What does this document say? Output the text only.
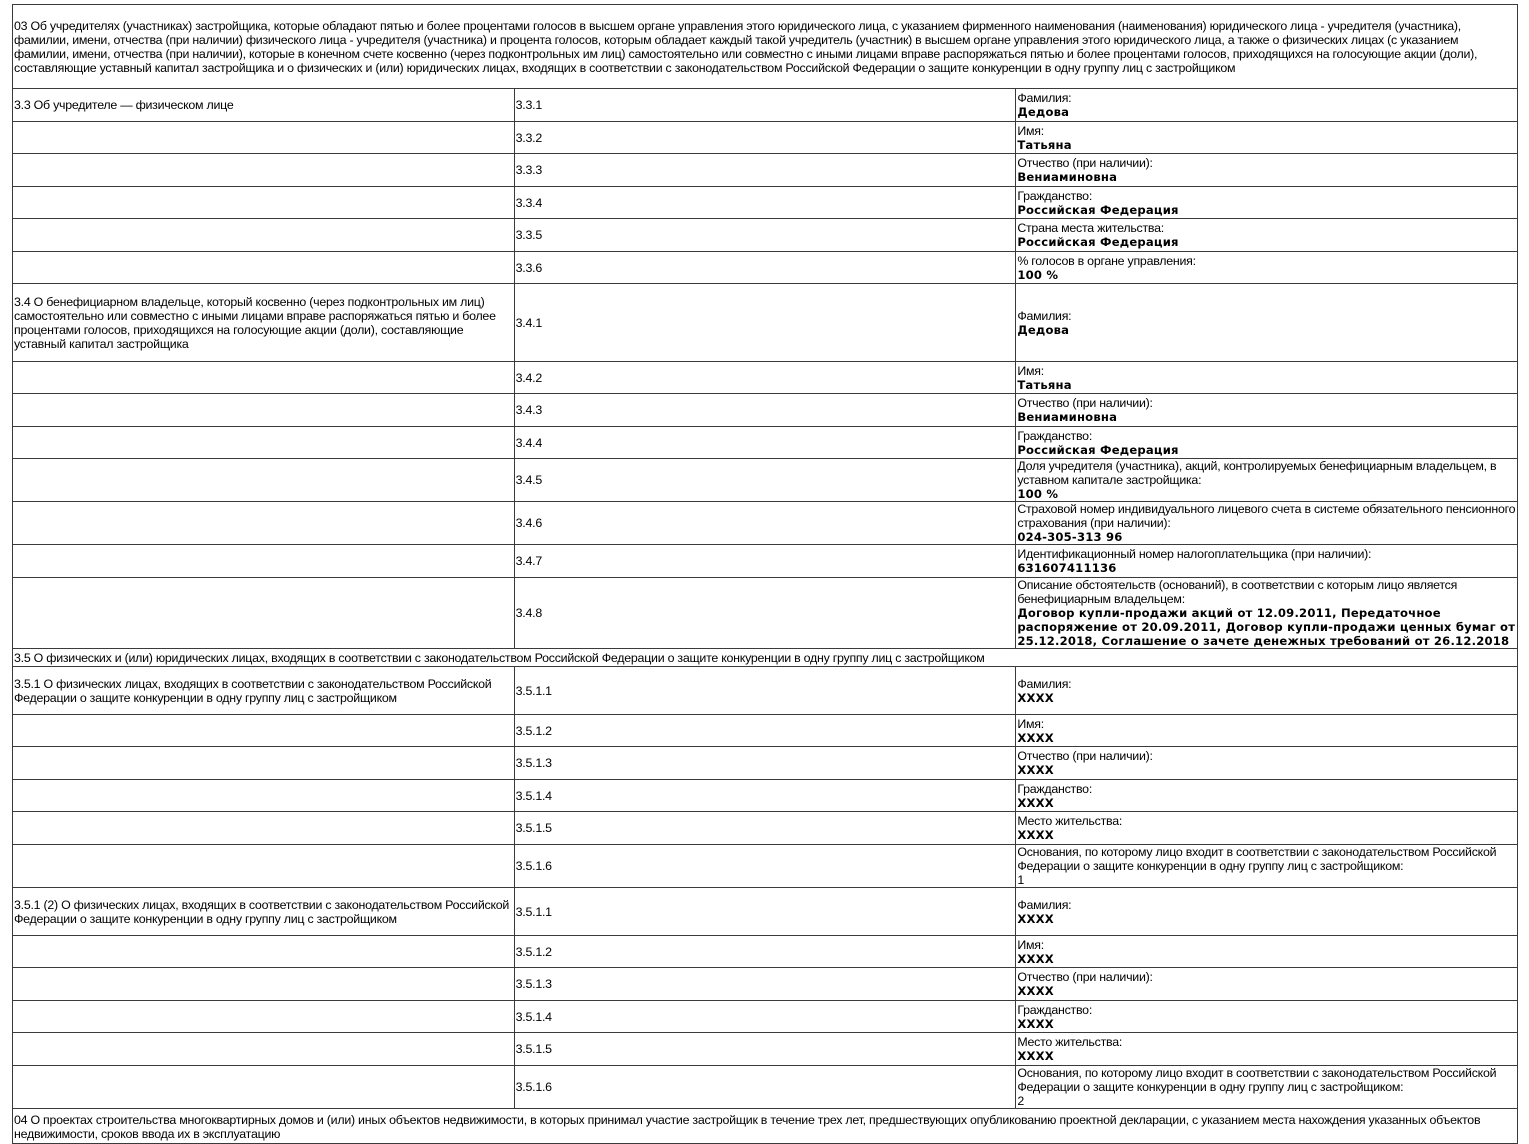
03 Об учредителях (участниках) застройщика, которые обладают пятью и более процентами голосов в высшем органе управления этого юридического лица, с указанием фирменного наименования (наименования) юридического лица - учредителя (участника), фамилии, имени, отчества (при наличии) физического лица - учредителя (участника) и процента голосов, которым обладает каждый такой учредитель (участник) в высшем органе управления этого юридического лица, а также о физических лицах (с указанием фамилии, имени, отчества (при наличии), которые в конечном счете косвенно (через подконтрольных им лиц) самостоятельно или совместно с иными лицами вправе распоряжаться пятью и более процентами голосов, приходящихся на голосующие акции (доли), составляющие уставный капитал застройщика и о физических и (или) юридических лицах, входящих в соответствии с законодательством Российской Федерации о защите конкуренции в одну группу лиц с застройщиком		
3.3 Об учредителе — физическом лице	3.3.1	Фамилия:
Дедова

	3.3.2	Имя:
Татьяна

	3.3.3	Отчество (при наличии):
Вениаминовна

	3.3.4	Гражданство:
Российская Федерация

	3.3.5	Страна места жительства:
Российская Федерация

	3.3.6	% голосов в органе управления:
100 %

3.4 О бенефициарном владельце, который косвенно (через подконтрольных им лиц) самостоятельно или совместно с иными лицами вправе распоряжаться пятью и более процентами голосов, приходящихся на голосующие акции (доли), составляющие уставный капитал застройщика	3.4.1	Фамилия:
Дедова

	3.4.2	Имя:
Татьяна

	3.4.3	Отчество (при наличии):
Вениаминовна

	3.4.4	Гражданство:
Российская Федерация

	3.4.5	Доля учредителя (участника), акций, контролируемых бенефициарным владельцем, в уставном капитале застройщика:
100 %

	3.4.6	Страховой номер индивидуального лицевого счета в системе обязательного пенсионного страхования (при наличии):
024-305-313 96

	3.4.7	Идентификационный номер налогоплательщика (при наличии):
631607411136

	3.4.8	Описание обстоятельств (оснований), в соответствии с которым лицо является бенефициарным владельцем:
Договор купли-продажи акций от 12.09.2011, Передаточное распоряжение от 20.09.2011, Договор купли-продажи ценных бумаг от 25.12.2018, Соглашение о зачете денежных требований от 26.12.2018

3.5 О физических и (или) юридических лицах, входящих в соответствии с законодательством Российской Федерации о защите конкуренции в одну группу лиц с застройщиком		
3.5.1 О физических лицах, входящих в соответствии с законодательством Российской Федерации о защите конкуренции в одну группу лиц с застройщиком	3.5.1.1	Фамилия:
XXXX

	3.5.1.2	Имя:
XXXX

	3.5.1.3	Отчество (при наличии):
XXXX

	3.5.1.4	Гражданство:
XXXX

	3.5.1.5	Место жительства:
XXXX

	3.5.1.6	Основания, по которому лицо входит в соответствии с законодательством Российской Федерации о защите конкуренции в одну группу лиц с застройщиком:
1

3.5.1 (2) О физических лицах, входящих в соответствии с законодательством Российской Федерации о защите конкуренции в одну группу лиц с застройщиком	3.5.1.1	Фамилия:
XXXX

	3.5.1.2	Имя:
XXXX

	3.5.1.3	Отчество (при наличии):
XXXX

	3.5.1.4	Гражданство:
XXXX

	3.5.1.5	Место жительства:
XXXX

	3.5.1.6	Основания, по которому лицо входит в соответствии с законодательством Российской Федерации о защите конкуренции в одну группу лиц с застройщиком:
2

04 О проектах строительства многоквартирных домов и (или) иных объектов недвижимости, в которых принимал участие застройщик в течение трех лет, предшествующих опубликованию проектной декларации, с указанием места нахождения указанных объектов недвижимости, сроков ввода их в эксплуатацию		
